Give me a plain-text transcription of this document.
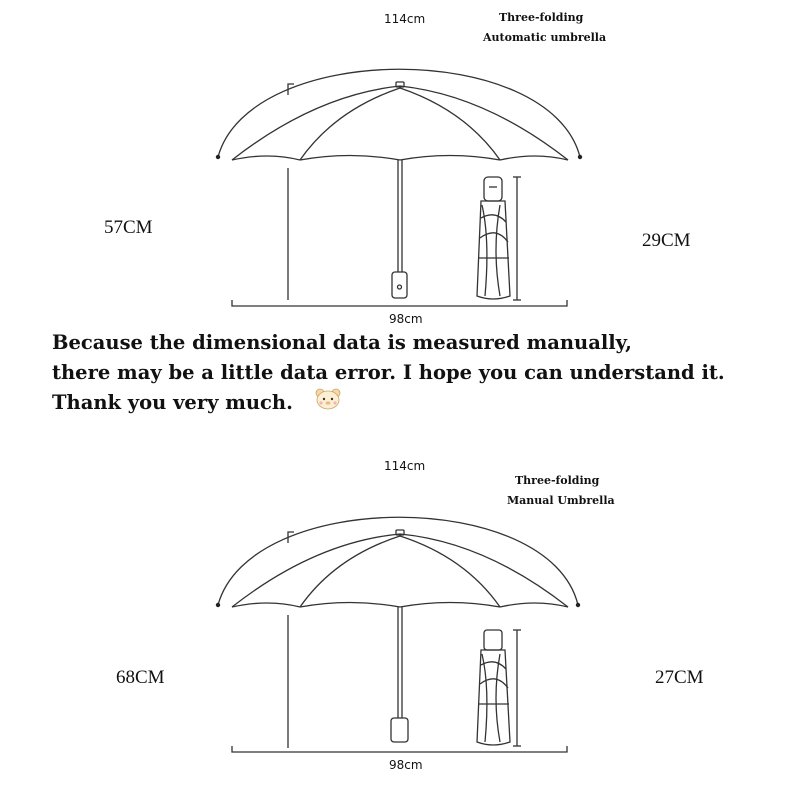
114cm	Three-folding
Automatic umbrella
57CM
29CM
98cm
Because the dimensional data is measured manually,
there may be a little data error. I hope you can understand it.
Thank you very much.
114cm
Three-folding
Manual Umbrella
68CM	27CM
98cm
